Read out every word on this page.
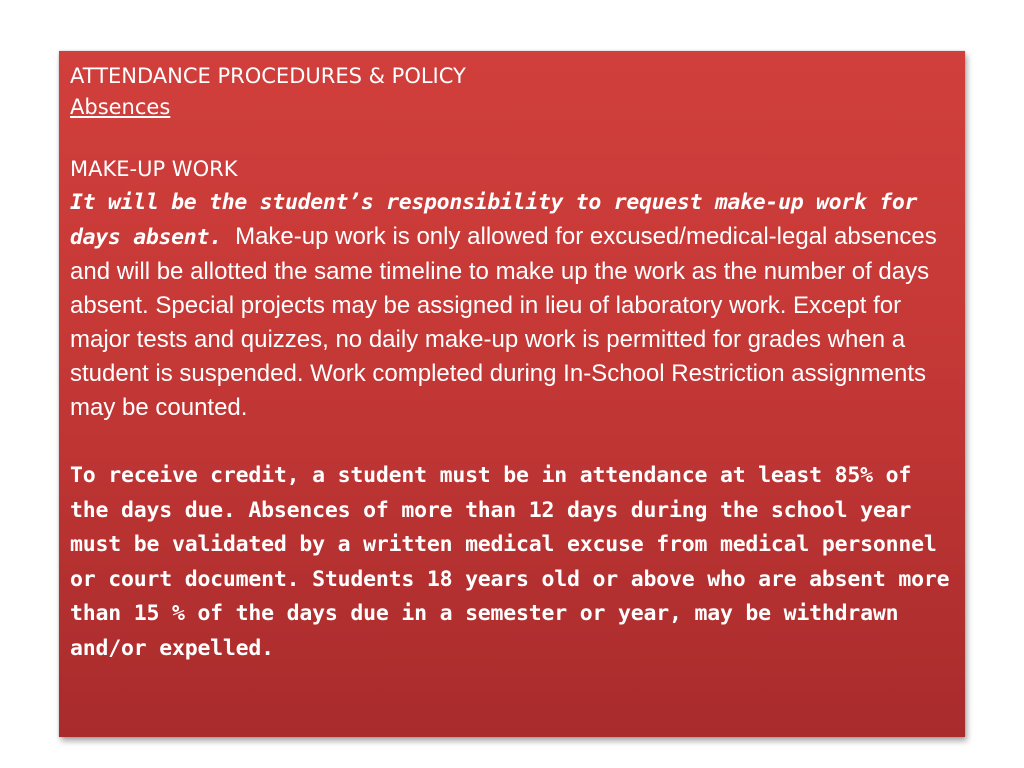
ATTENDANCE PROCEDURES & POLICY

Absences

MAKE-UP WORK

It will be the student’s responsibility to request make-up work for days absent. Make-up work is only allowed for excused/medical-legal absences and will be allotted the same timeline to make up the work as the number of days absent. Special projects may be assigned in lieu of laboratory work. Except for major tests and quizzes, no daily make-up work is permitted for grades when a student is suspended. Work completed during In-School Restriction assignments may be counted.

To receive credit, a student must be in attendance at least 85% of the days due. Absences of more than 12 days during the school year must be validated by a written medical excuse from medical personnel or court document. Students 18 years old or above who are absent more than 15 % of the days due in a semester or year, may be withdrawn and/or expelled.
